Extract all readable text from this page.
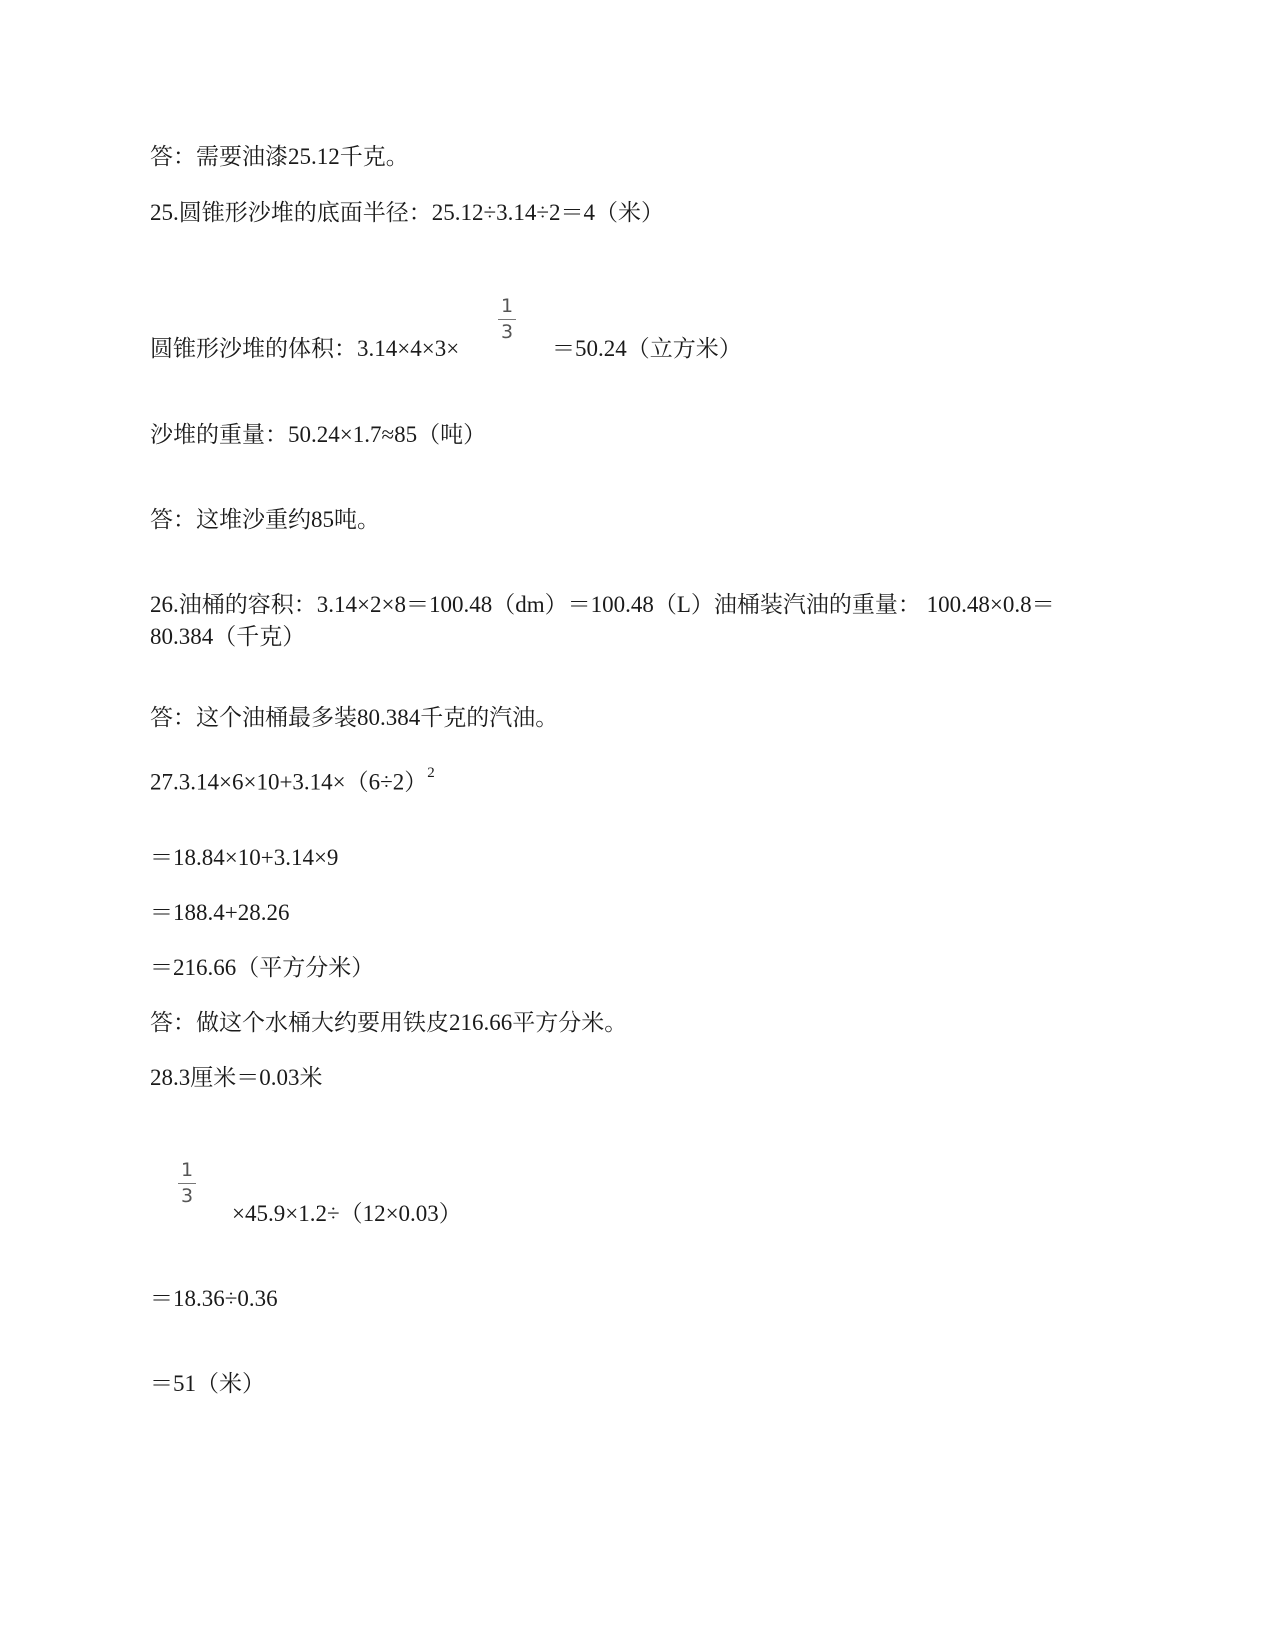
答：需要油漆25.12千克。
25.圆锥形沙堆的底面半径：25.12÷3.14÷2＝4（米）
圆锥形沙堆的体积：3.14×4×3×
1
3
＝50.24（立方米）
沙堆的重量：50.24×1.7≈85（吨）
答：这堆沙重约85吨。
26.油桶的容积：3.14×2×8＝100.48（dm）＝100.48（L）油桶装汽油的重量： 100.48×0.8＝80.384（千克）
答：这个油桶最多装80.384千克的汽油。
$27.3.14\times 6\times 10+3.14\times(6\div 2)^2$
＝18.84×10+3.14×9
＝188.4+28.26
＝216.66（平方分米）
答：做这个水桶大约要用铁皮216.66平方分米。
28.3厘米＝0.03米
1
3
×45.9×1.2÷（12×0.03）
＝18.36÷0.36
＝51（米）
